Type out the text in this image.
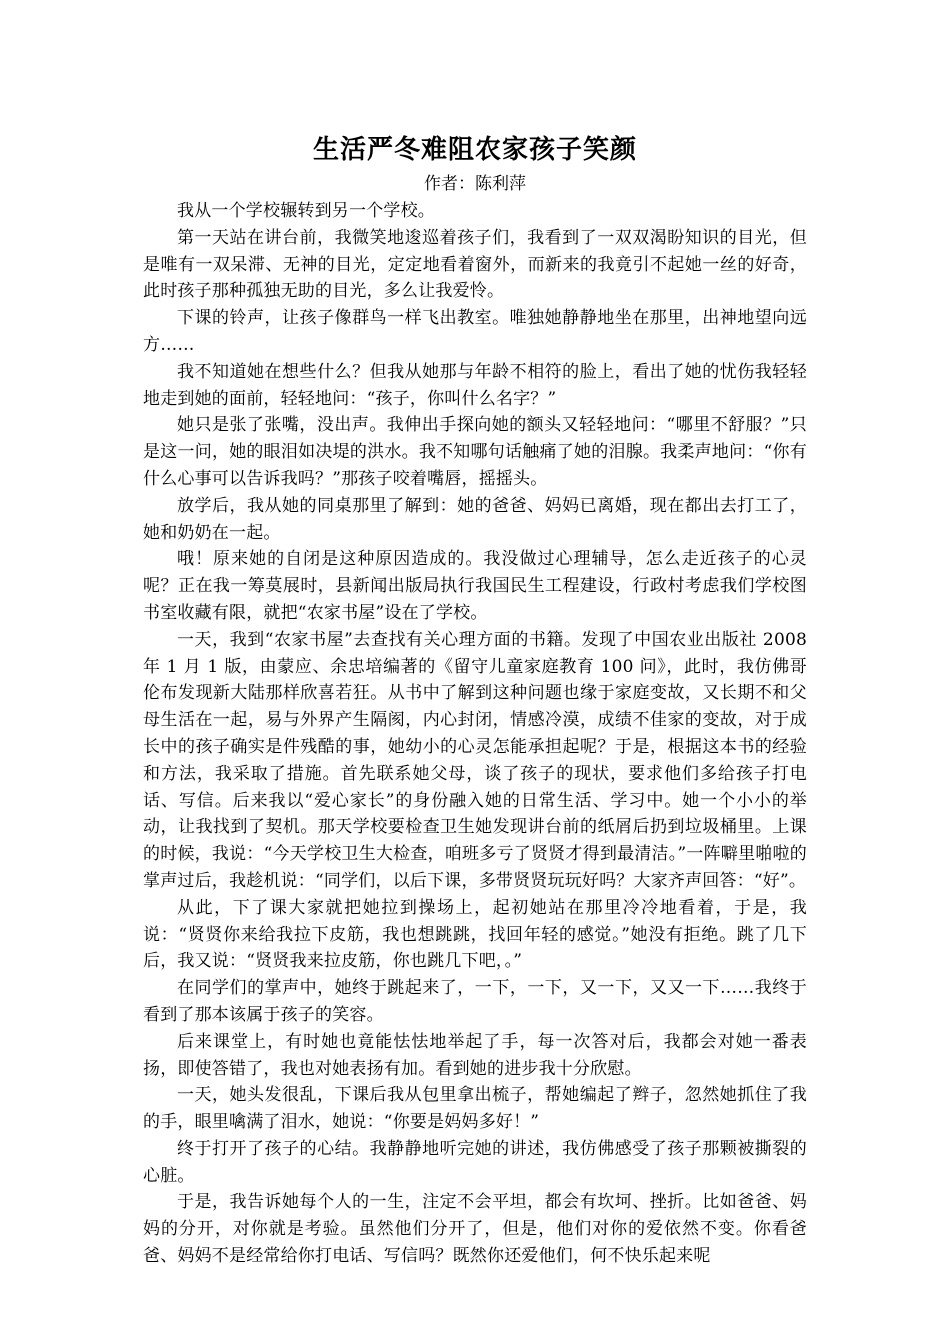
生活严冬难阻农家孩子笑颜

作者：陈利萍

我从一个学校辗转到另一个学校。

第一天站在讲台前，我微笑地逡巡着孩子们，我看到了一双双渴盼知识的目光，但是唯有一双呆滞、无神的目光，定定地看着窗外，而新来的我竟引不起她一丝的好奇，此时孩子那种孤独无助的目光，多么让我爱怜。

下课的铃声，让孩子像群鸟一样飞出教室。唯独她静静地坐在那里，出神地望向远方……

我不知道她在想些什么？但我从她那与年龄不相符的脸上，看出了她的忧伤我轻轻地走到她的面前，轻轻地问：“孩子，你叫什么名字？”

她只是张了张嘴，没出声。我伸出手探向她的额头又轻轻地问：“哪里不舒服？”只是这一问，她的眼泪如决堤的洪水。我不知哪句话触痛了她的泪腺。我柔声地问：“你有什么心事可以告诉我吗？”那孩子咬着嘴唇，摇摇头。

放学后，我从她的同桌那里了解到：她的爸爸、妈妈已离婚，现在都出去打工了，她和奶奶在一起。

哦！原来她的自闭是这种原因造成的。我没做过心理辅导，怎么走近孩子的心灵呢？正在我一筹莫展时，县新闻出版局执行我国民生工程建设，行政村考虑我们学校图书室收藏有限，就把“农家书屋”设在了学校。

一天，我到“农家书屋”去查找有关心理方面的书籍。发现了中国农业出版社 2008 年 1 月 1 版，由蒙应、余忠培编著的《留守儿童家庭教育 100 问》，此时，我仿佛哥伦布发现新大陆那样欣喜若狂。从书中了解到这种问题也缘于家庭变故，又长期不和父母生活在一起，易与外界产生隔阂，内心封闭，情感冷漠，成绩不佳家的变故，对于成长中的孩子确实是件残酷的事，她幼小的心灵怎能承担起呢？于是，根据这本书的经验和方法，我采取了措施。首先联系她父母，谈了孩子的现状，要求他们多给孩子打电话、写信。后来我以“爱心家长”的身份融入她的日常生活、学习中。她一个小小的举动，让我找到了契机。那天学校要检查卫生她发现讲台前的纸屑后扔到垃圾桶里。上课的时候，我说：“今天学校卫生大检查，咱班多亏了贤贤才得到最清洁。”一阵噼里啪啦的掌声过后，我趁机说：“同学们，以后下课，多带贤贤玩玩好吗？大家齐声回答：“好”。

从此，下了课大家就把她拉到操场上，起初她站在那里冷冷地看着，于是，我说：“贤贤你来给我拉下皮筋，我也想跳跳，找回年轻的感觉。”她没有拒绝。跳了几下后，我又说：“贤贤我来拉皮筋，你也跳几下吧，。”

在同学们的掌声中，她终于跳起来了，一下，一下，又一下，又又一下……我终于看到了那本该属于孩子的笑容。

后来课堂上，有时她也竟能怯怯地举起了手，每一次答对后，我都会对她一番表扬，即使答错了，我也对她表扬有加。看到她的进步我十分欣慰。

一天，她头发很乱，下课后我从包里拿出梳子，帮她编起了辫子，忽然她抓住了我的手，眼里噙满了泪水，她说：“你要是妈妈多好！”

终于打开了孩子的心结。我静静地听完她的讲述，我仿佛感受了孩子那颗被撕裂的心脏。

于是，我告诉她每个人的一生，注定不会平坦，都会有坎坷、挫折。比如爸爸、妈妈的分开，对你就是考验。虽然他们分开了，但是，他们对你的爱依然不变。你看爸爸、妈妈不是经常给你打电话、写信吗？既然你还爱他们，何不快乐起来呢
